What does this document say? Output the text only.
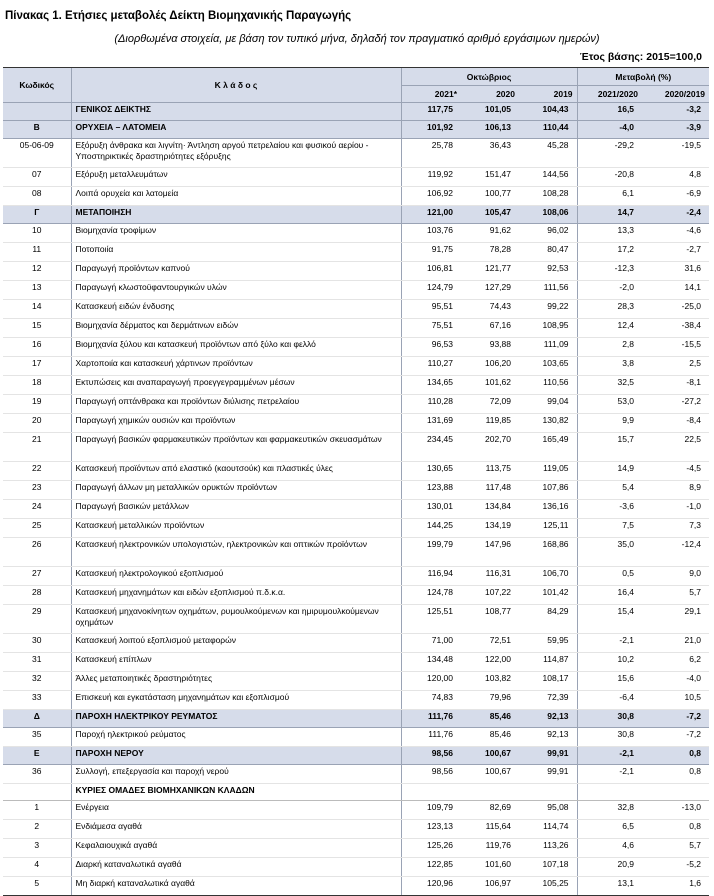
Πίνακας 1. Ετήσιες μεταβολές Δείκτη Βιομηχανικής Παραγωγής
(Διορθωμένα στοιχεία, με βάση τον τυπικό μήνα, δηλαδή τον πραγματικό αριθμό εργάσιμων ημερών)
Έτος βάσης: 2015=100,0
Κωδικός	Κ λ ά δ ο ς	Οκτώβριος			Μεταβολή (%)	
		2021*	2020	2019	2021/2020	2020/2019
	ΓΕΝΙΚΟΣ ΔΕΙΚΤΗΣ	117,75	101,05	104,43	16,5	-3,2
Β	ΟΡΥΧΕΙΑ – ΛΑΤΟΜΕΙΑ	101,92	106,13	110,44	-4,0	-3,9
05-06-09	Εξόρυξη άνθρακα και λιγνίτη· Άντληση αργού πετρελαίου και φυσικού αερίου - Υποστηρικτικές δραστηριότητες εξόρυξης	25,78	36,43	45,28	-29,2	-19,5
07	Εξόρυξη μεταλλευμάτων	119,92	151,47	144,56	-20,8	4,8
08	Λοιπά ορυχεία και λατομεία	106,92	100,77	108,28	6,1	-6,9
Γ	ΜΕΤΑΠΟΙΗΣΗ	121,00	105,47	108,06	14,7	-2,4
10	Βιομηχανία τροφίμων	103,76	91,62	96,02	13,3	-4,6
11	Ποτοποιία	91,75	78,28	80,47	17,2	-2,7
12	Παραγωγή προϊόντων καπνού	106,81	121,77	92,53	-12,3	31,6
13	Παραγωγή κλωστοϋφαντουργικών υλών	124,79	127,29	111,56	-2,0	14,1
14	Κατασκευή ειδών ένδυσης	95,51	74,43	99,22	28,3	-25,0
15	Βιομηχανία δέρματος και δερμάτινων ειδών	75,51	67,16	108,95	12,4	-38,4
16	Βιομηχανία ξύλου και κατασκευή προϊόντων από ξύλο και φελλό	96,53	93,88	111,09	2,8	-15,5
17	Χαρτοποιία και κατασκευή χάρτινων προϊόντων	110,27	106,20	103,65	3,8	2,5
18	Εκτυπώσεις και αναπαραγωγή προεγγεγραμμένων μέσων	134,65	101,62	110,56	32,5	-8,1
19	Παραγωγή οπτάνθρακα και προϊόντων διύλισης πετρελαίου	110,28	72,09	99,04	53,0	-27,2
20	Παραγωγή χημικών ουσιών και προϊόντων	131,69	119,85	130,82	9,9	-8,4
21	Παραγωγή βασικών φαρμακευτικών προϊόντων και φαρμακευτικών σκευασμάτων	234,45	202,70	165,49	15,7	22,5
22	Κατασκευή προϊόντων από ελαστικό (καουτσούκ) και πλαστικές ύλες	130,65	113,75	119,05	14,9	-4,5
23	Παραγωγή άλλων μη μεταλλικών ορυκτών προϊόντων	123,88	117,48	107,86	5,4	8,9
24	Παραγωγή βασικών μετάλλων	130,01	134,84	136,16	-3,6	-1,0
25	Κατασκευή μεταλλικών προϊόντων	144,25	134,19	125,11	7,5	7,3
26	Κατασκευή ηλεκτρονικών υπολογιστών, ηλεκτρονικών και οπτικών προϊόντων	199,79	147,96	168,86	35,0	-12,4
27	Κατασκευή ηλεκτρολογικού εξοπλισμού	116,94	116,31	106,70	0,5	9,0
28	Κατασκευή μηχανημάτων και ειδών εξοπλισμού π.δ.κ.α.	124,78	107,22	101,42	16,4	5,7
29	Κατασκευή μηχανοκίνητων οχημάτων, ρυμουλκούμενων και ημιρυμουλκούμενων οχημάτων	125,51	108,77	84,29	15,4	29,1
30	Κατασκευή λοιπού εξοπλισμού μεταφορών	71,00	72,51	59,95	-2,1	21,0
31	Κατασκευή επίπλων	134,48	122,00	114,87	10,2	6,2
32	Άλλες μεταποιητικές δραστηριότητες	120,00	103,82	108,17	15,6	-4,0
33	Επισκευή και εγκατάσταση μηχανημάτων και εξοπλισμού	74,83	79,96	72,39	-6,4	10,5
Δ	ΠΑΡΟΧΗ ΗΛΕΚΤΡΙΚΟΥ ΡΕΥΜΑΤΟΣ	111,76	85,46	92,13	30,8	-7,2
35	Παροχή ηλεκτρικού ρεύματος	111,76	85,46	92,13	30,8	-7,2
Ε	ΠΑΡΟΧΗ ΝΕΡΟΥ	98,56	100,67	99,91	-2,1	0,8
36	Συλλογή, επεξεργασία και παροχή νερού	98,56	100,67	99,91	-2,1	0,8
	ΚΥΡΙΕΣ ΟΜΑΔΕΣ ΒΙΟΜΗΧΑΝΙΚΩΝ ΚΛΑΔΩΝ					
1	Ενέργεια	109,79	82,69	95,08	32,8	-13,0
2	Ενδιάμεσα αγαθά	123,13	115,64	114,74	6,5	0,8
3	Κεφαλαιουχικά αγαθά	125,26	119,76	113,26	4,6	5,7
4	Διαρκή καταναλωτικά αγαθά	122,85	101,60	107,18	20,9	-5,2
5	Μη διαρκή καταναλωτικά αγαθά	120,96	106,97	105,25	13,1	1,6
